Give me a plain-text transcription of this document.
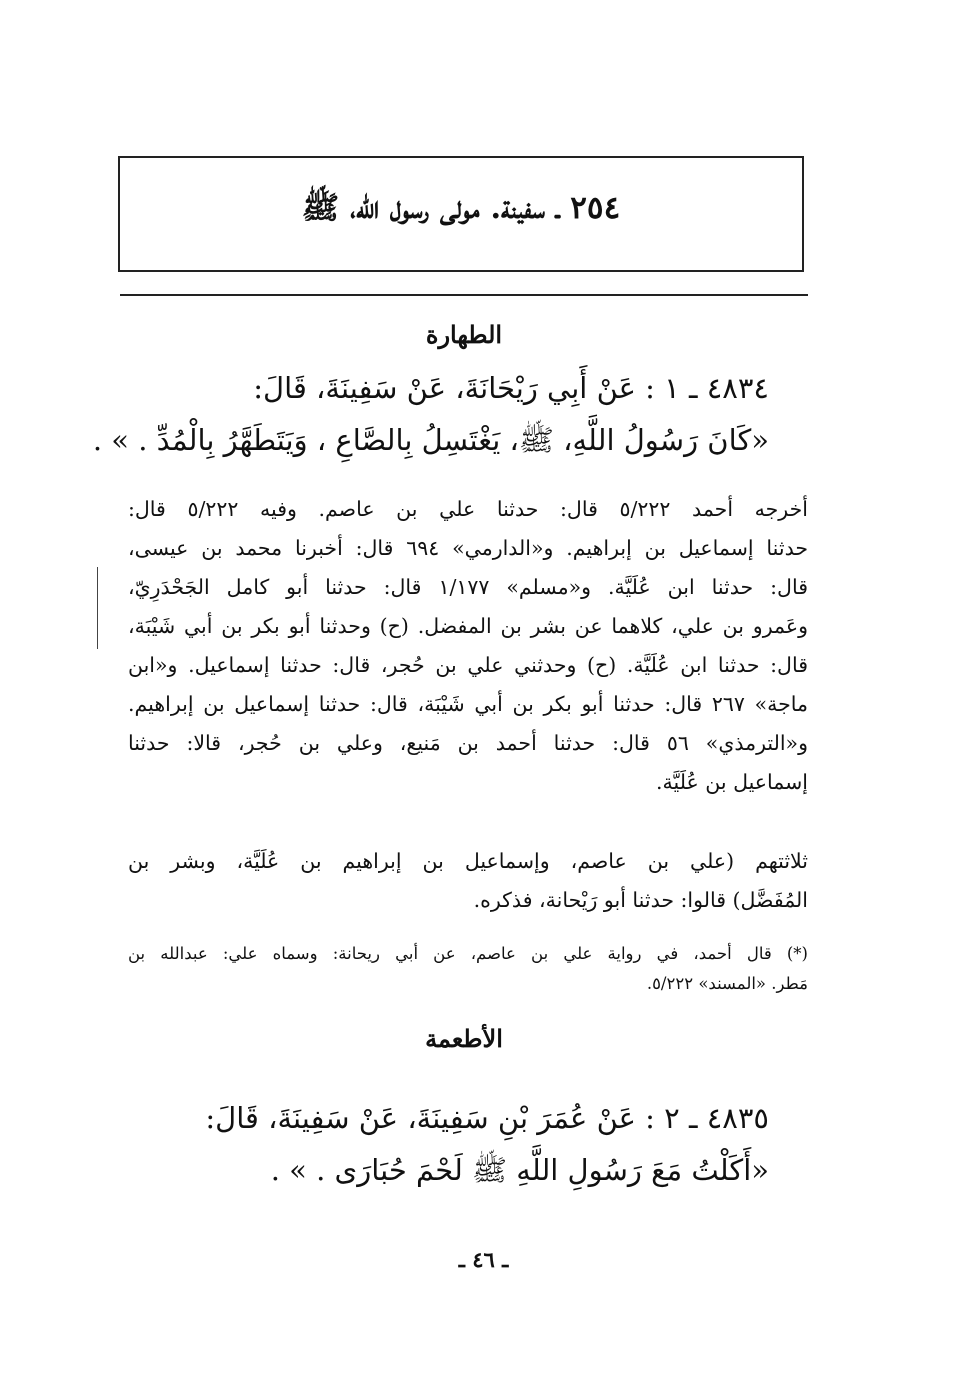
٢٥٤ ـ سفينة. مولى رسول الله، ﷺ
الطهارة
٤٨٣٤ ـ ١ : عَنْ أَبِي رَيْحَانَةَ، عَنْ سَفِينَةَ، قَالَ:
«كَانَ رَسُولُ اللَّهِ، ﷺ، يَغْتَسِلُ بِالصَّاعِ ، وَيَتَطَهَّرُ بِالْمُدِّ . » .
أخرجه أحمد ٥/٢٢٢ قال: حدثنا علي بن عاصم. وفيه ٥/٢٢٢ قال:
حدثنا إسماعيل بن إبراهيم. و«الدارمي» ٦٩٤ قال: أخبرنا محمد بن عيسى،
قال: حدثنا ابن عُلَيَّة. و«مسلم» ١/١٧٧ قال: حدثنا أبو كامل الجَحْدَرِيّ،
وعَمرو بن علي، كلاهما عن بشر بن المفضل. (ح) وحدثنا أبو بكر بن أبي شَيْبَة،
قال: حدثنا ابن عُلَيَّة. (ح) وحدثني علي بن حُجر، قال: حدثنا إسماعيل. و«ابن
ماجة» ٢٦٧ قال: حدثنا أبو بكر بن أبي شَيْبَة، قال: حدثنا إسماعيل بن إبراهيم.
و«الترمذي» ٥٦ قال: حدثنا أحمد بن مَنيع، وعلي بن حُجر، قالا: حدثنا
إسماعيل بن عُلَيَّة.
ثلاثتهم (علي بن عاصم، وإسماعيل بن إبراهيم بن عُلَيَّة، وبشر بن
المُفَضَّل) قالوا: حدثنا أبو رَيْحانة، فذكره.
(*) قال أحمد، في رواية علي بن عاصم، عن أبي ريحانة: وسماه علي: عبدالله بن
مَطر. «المسند» ٥/٢٢٢.
الأطعمة
٤٨٣٥ ـ ٢ : عَنْ عُمَرَ بْنِ سَفِينَةَ، عَنْ سَفِينَةَ، قَالَ:
«أَكَلْتُ مَعَ رَسُولِ اللَّهِ ﷺ لَحْمَ حُبَارَى . » .
ـ ٤٦ ـ
